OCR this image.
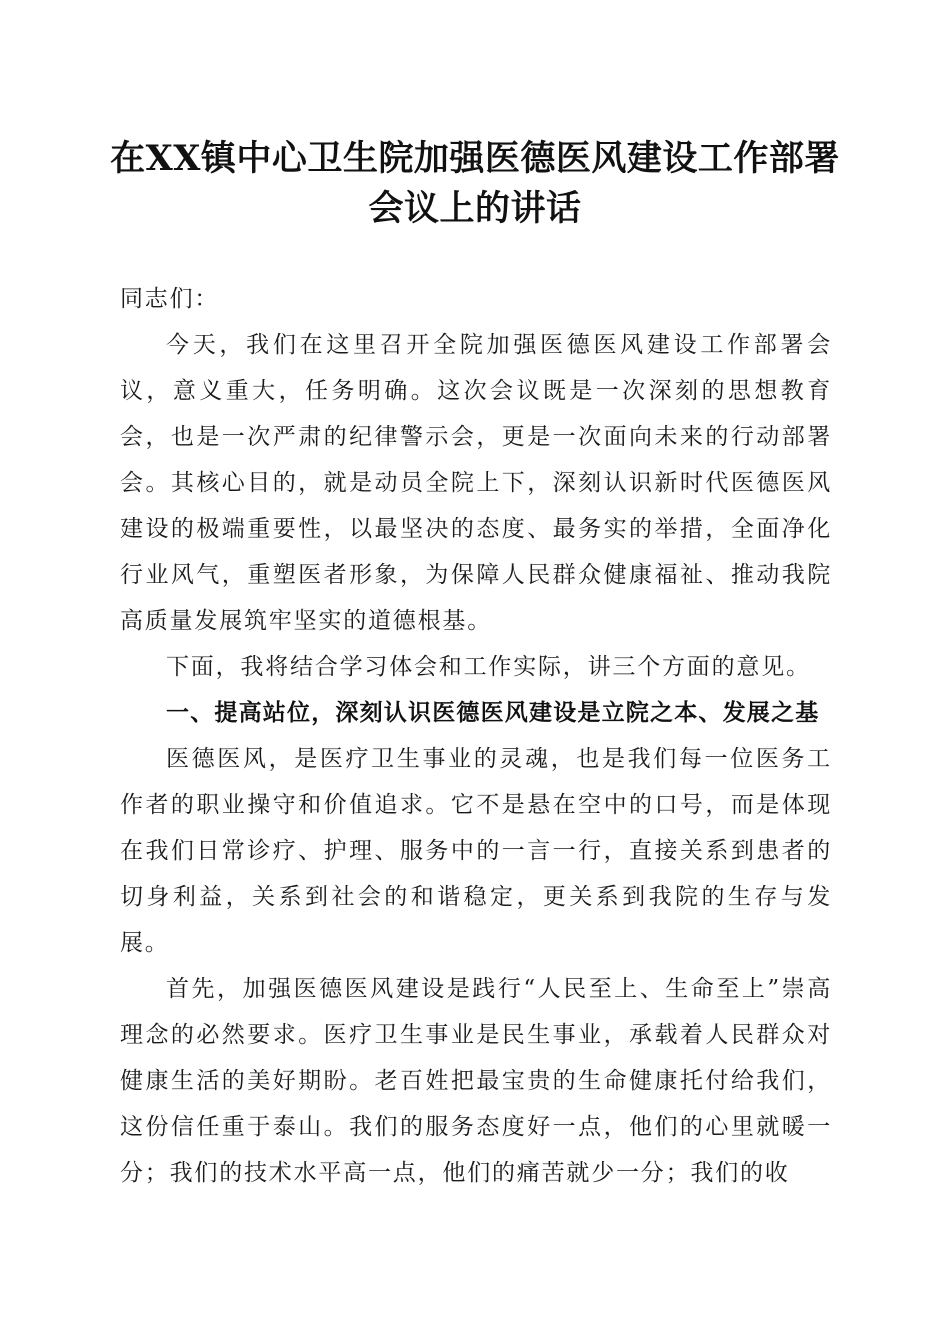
在XX镇中心卫生院加强医德医风建设工作部署会议上的讲话

同志们：

今天，我们在这里召开全院加强医德医风建设工作部署会议，意义重大，任务明确。这次会议既是一次深刻的思想教育会，也是一次严肃的纪律警示会，更是一次面向未来的行动部署会。其核心目的，就是动员全院上下，深刻认识新时代医德医风建设的极端重要性，以最坚决的态度、最务实的举措，全面净化行业风气，重塑医者形象，为保障人民群众健康福祉、推动我院高质量发展筑牢坚实的道德根基。

下面，我将结合学习体会和工作实际，讲三个方面的意见。

一、提高站位，深刻认识医德医风建设是立院之本、发展之基

医德医风，是医疗卫生事业的灵魂，也是我们每一位医务工作者的职业操守和价值追求。它不是悬在空中的口号，而是体现在我们日常诊疗、护理、服务中的一言一行，直接关系到患者的切身利益，关系到社会的和谐稳定，更关系到我院的生存与发展。

首先，加强医德医风建设是践行“人民至上、生命至上”崇高理念的必然要求。医疗卫生事业是民生事业，承载着人民群众对健康生活的美好期盼。老百姓把最宝贵的生命健康托付给我们，这份信任重于泰山。我们的服务态度好一点，他们的心里就暖一分；我们的技术水平高一点，他们的痛苦就少一分；我们的收
